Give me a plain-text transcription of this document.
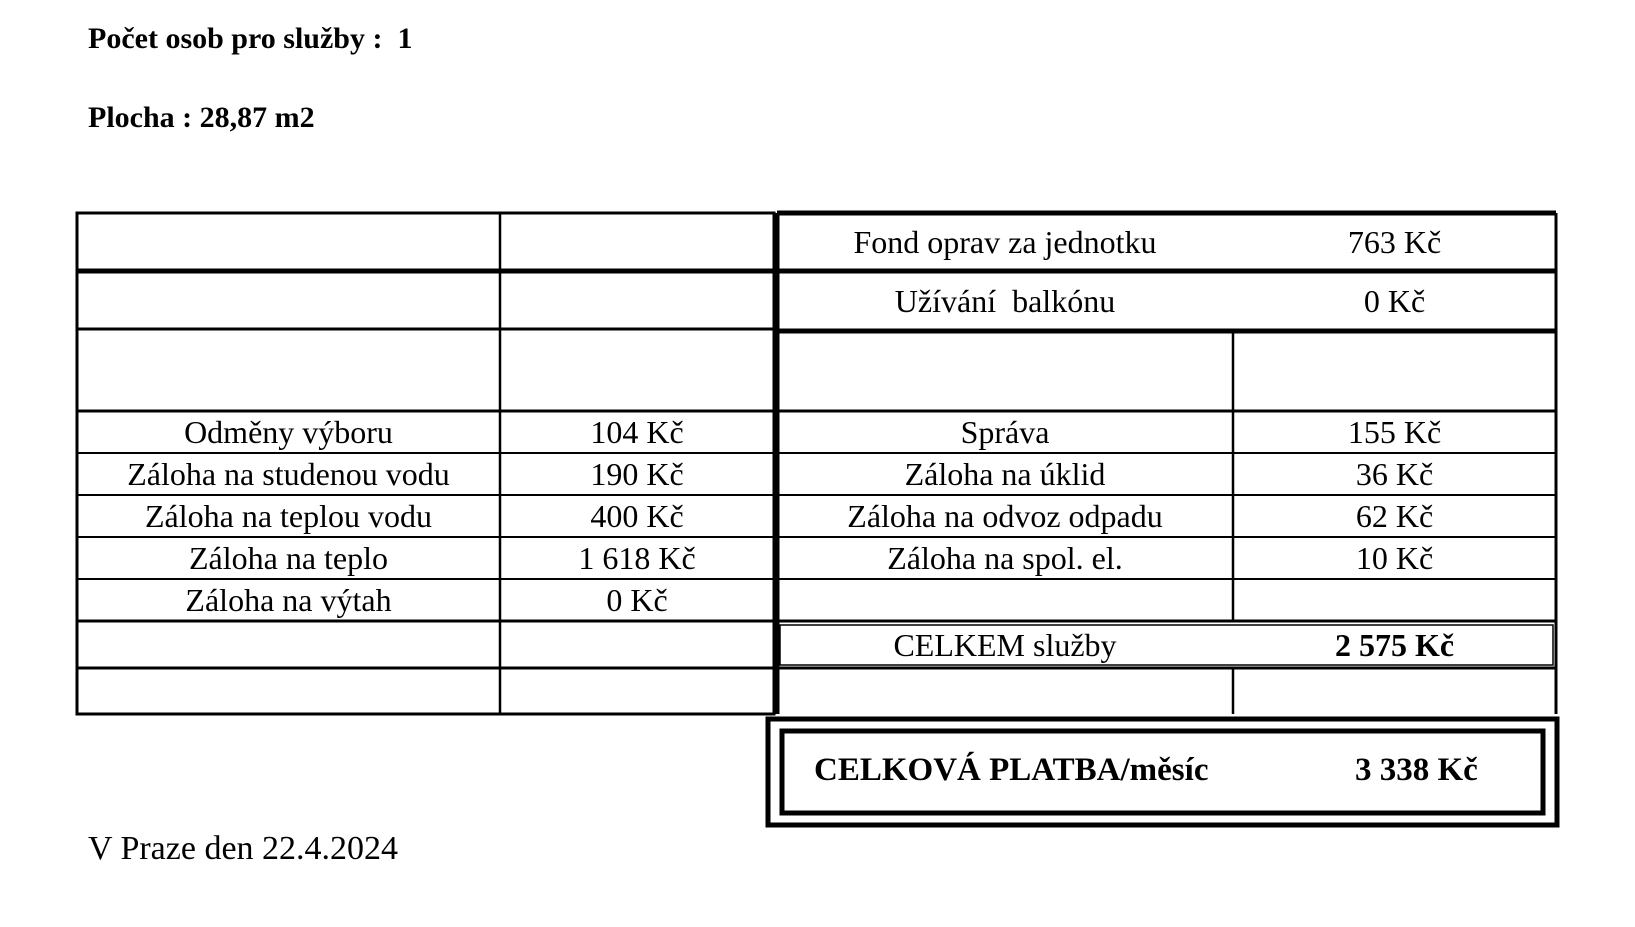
Počet osob pro služby : 1
Plocha : 28,87 m2
Fond oprav za jednotku	763 Kč
Užívání  balkónu	0 Kč
Odměny výboru	104 Kč
Záloha na studenou vodu	190 Kč
Záloha na teplou vodu	400 Kč
Záloha na teplo	1 618 Kč
Záloha na výtah	0 Kč
Správa	155 Kč
Záloha na úklid	36 Kč
Záloha na odvoz odpadu	62 Kč
Záloha na spol. el.	10 Kč
CELKEM služby	2 575 Kč
CELKOVÁ PLATBA/měsíc	3 338 Kč
V Praze den 22.4.2024
